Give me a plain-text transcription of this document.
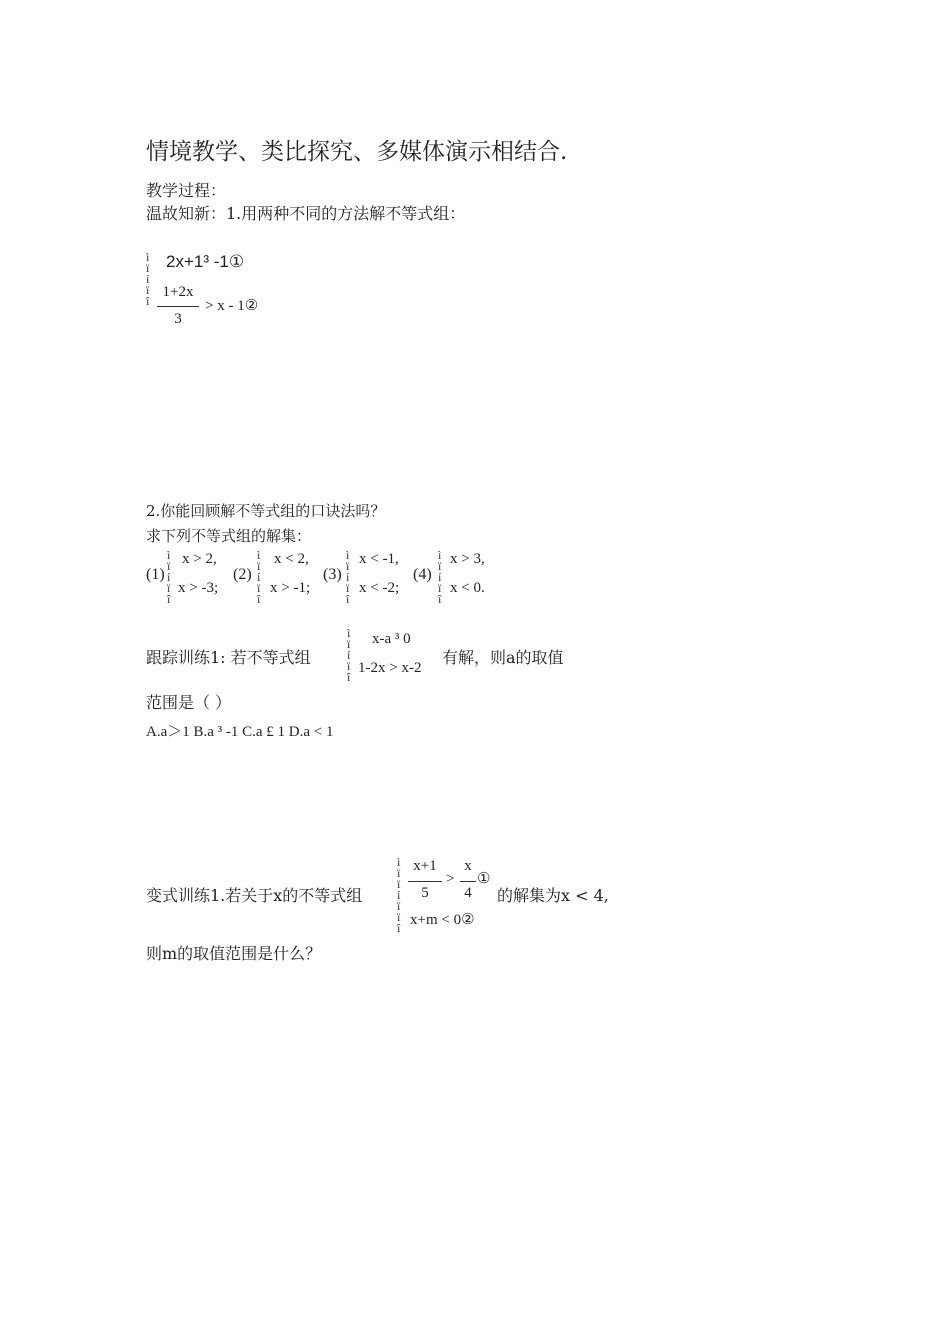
情境教学、类比探究、多媒体演示相结合.
教学过程：
温故知新：1.用两种不同的方法解不等式组：
ì
ï
í
ï
î
2x+1³ -1①
1+2x
3
> x - 1②
2.你能回顾解不等式组的口诀法吗？
求下列不等式组的解集：
(1)
ì
ï
í
ï
î
x > 2,
x > -3;
(2)
ì
ï
í
ï
î
x < 2,
x > -1;
(3)
ì
ï
í
ï
î
x < -1,
x < -2;
(4)
ì
ï
í
ï
î
x > 3,
x < 0.
跟踪训练1: 若不等式组
ì
ï
í
ï
î
x-a ³ 0
1-2x > x-2
有解，则a的取值
范围是（ ）
A.a＞1 B.a ³ -1 C.a £ 1 D.a < 1
变式训练1.若关于x的不等式组
ì
ï
ï
í
ï
ï
î
x+1
5
>
x
4
①
x+m < 0②
的解集为x < 4,
则m的取值范围是什么？
